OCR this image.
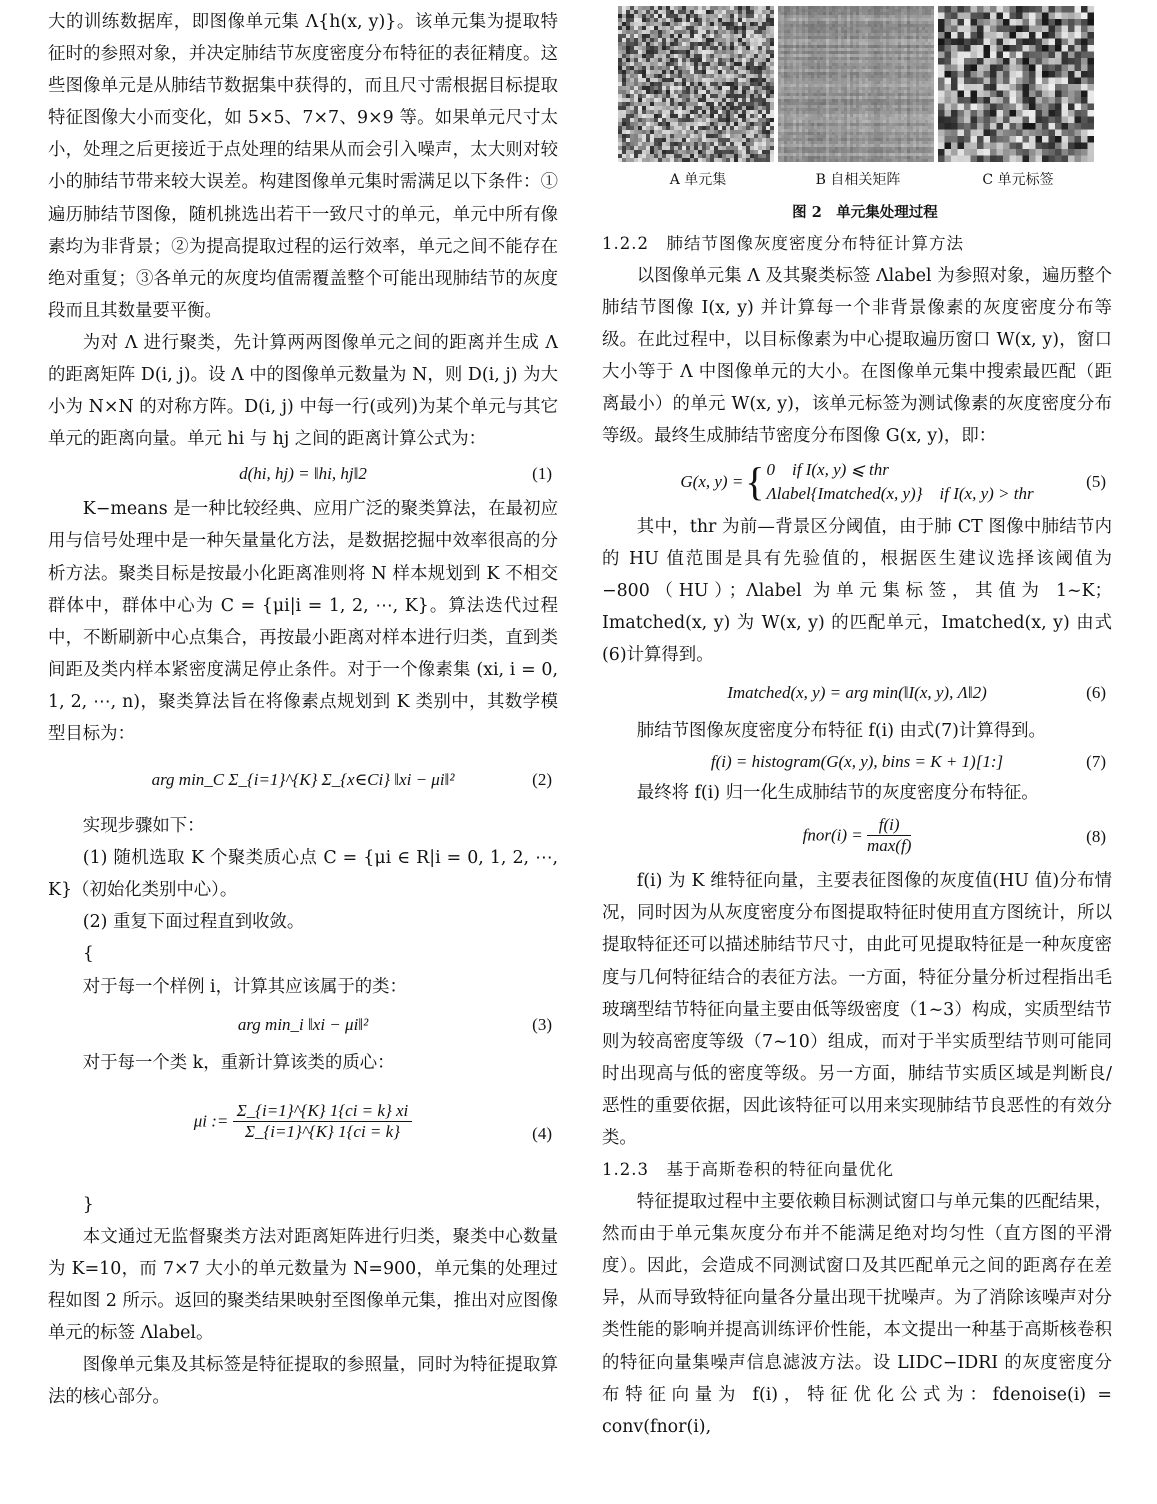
大的训练数据库，即图像单元集 Λ{h(x, y)}。该单元集为提取特征时的参照对象，并决定肺结节灰度密度分布特征的表征精度。这些图像单元是从肺结节数据集中获得的，而且尺寸需根据目标提取特征图像大小而变化，如 5×5、7×7、9×9 等。如果单元尺寸太小，处理之后更接近于点处理的结果从而会引入噪声，太大则对较小的肺结节带来较大误差。构建图像单元集时需满足以下条件：①遍历肺结节图像，随机挑选出若干一致尺寸的单元，单元中所有像素均为非背景；②为提高提取过程的运行效率，单元之间不能存在绝对重复；③各单元的灰度均值需覆盖整个可能出现肺结节的灰度段而且其数量要平衡。

为对 Λ 进行聚类，先计算两两图像单元之间的距离并生成 Λ 的距离矩阵 D(i, j)。设 Λ 中的图像单元数量为 N，则 D(i, j) 为大小为 N×N 的对称方阵。D(i, j) 中每一行(或列)为某个单元与其它单元的距离向量。单元 hi 与 hj 之间的距离计算公式为：

d(hi, hj) = ‖hi, hj‖2	(1)

K−means 是一种比较经典、应用广泛的聚类算法，在最初应用与信号处理中是一种矢量量化方法，是数据挖掘中效率很高的分析方法。聚类目标是按最小化距离准则将 N 样本规划到 K 不相交群体中，群体中心为 C = {μi|i = 1, 2, ⋯, K}。算法迭代过程中，不断刷新中心点集合，再按最小距离对样本进行归类，直到类间距及类内样本紧密度满足停止条件。对于一个像素集 (xi, i = 0, 1, 2, ⋯, n)，聚类算法旨在将像素点规划到 K 类别中，其数学模型目标为：

arg min_C Σ_{i=1}^{K} Σ_{x∈Ci} ‖xi − μi‖²	(2)

实现步骤如下：

(1) 随机选取 K 个聚类质心点 C = {μi ∈ R|i = 0, 1, 2, ⋯, K}（初始化类别中心）。

(2) 重复下面过程直到收敛。

{

对于每一个样例 i，计算其应该属于的类：

arg min_i ‖xi − μi‖²	(3)

对于每一个类 k，重新计算该类的质心：

μi := $\frac{\Sigma\_\{i=1\}\^{}\{K\} 1\{ci = k\} xi}{\Sigma\_\{i=1\}\^{}\{K\} 1\{ci = k\}}$	(4)

}

本文通过无监督聚类方法对距离矩阵进行归类，聚类中心数量为 K=10，而 7×7 大小的单元数量为 N=900，单元集的处理过程如图 2 所示。返回的聚类结果映射至图像单元集，推出对应图像单元的标签 Λlabel。

图像单元集及其标签是特征提取的参照量，同时为特征提取算法的核心部分。

A 单元集	B 自相关矩阵	C 单元标签
图 2　单元集处理过程
1.2.2　肺结节图像灰度密度分布特征计算方法

以图像单元集 Λ 及其聚类标签 Λlabel 为参照对象，遍历整个肺结节图像 I(x, y) 并计算每一个非背景像素的灰度密度分布等级。在此过程中，以目标像素为中心提取遍历窗口 W(x, y)，窗口大小等于 Λ 中图像单元的大小。在图像单元集中搜索最匹配（距离最小）的单元 W(x, y)，该单元标签为测试像素的灰度密度分布等级。最终生成肺结节密度分布图像 G(x, y)，即：

G(x, y) = { 0　if I(x, y) ⩽ thr
Λlabel{Imatched(x, y)}　if I(x, y) > thr
(5)

其中，thr 为前—背景区分阈值，由于肺 CT 图像中肺结节内的 HU 值范围是具有先验值的，根据医生建议选择该阈值为 −800（HU）；Λlabel 为单元集标签，其值为 1~K；Imatched(x, y) 为 W(x, y) 的匹配单元，Imatched(x, y) 由式(6)计算得到。

Imatched(x, y) = arg min(‖I(x, y), Λ‖2)	(6)

肺结节图像灰度密度分布特征 f(i) 由式(7)计算得到。

f(i) = histogram(G(x, y), bins = K + 1)[1:]	(7)

最终将 f(i) 归一化生成肺结节的灰度密度分布特征。

fnor(i) = $\frac{f(i)}{\max(f)}$	(8)

f(i) 为 K 维特征向量，主要表征图像的灰度值(HU 值)分布情况，同时因为从灰度密度分布图提取特征时使用直方图统计，所以提取特征还可以描述肺结节尺寸，由此可见提取特征是一种灰度密度与几何特征结合的表征方法。一方面，特征分量分析过程指出毛玻璃型结节特征向量主要由低等级密度（1~3）构成，实质型结节则为较高密度等级（7~10）组成，而对于半实质型结节则可能同时出现高与低的密度等级。另一方面，肺结节实质区域是判断良/恶性的重要依据，因此该特征可以用来实现肺结节良恶性的有效分类。

1.2.3　基于高斯卷积的特征向量优化

特征提取过程中主要依赖目标测试窗口与单元集的匹配结果，然而由于单元集灰度分布并不能满足绝对均匀性（直方图的平滑度）。因此，会造成不同测试窗口及其匹配单元之间的距离存在差异，从而导致特征向量各分量出现干扰噪声。为了消除该噪声对分类性能的影响并提高训练评价性能，本文提出一种基于高斯核卷积的特征向量集噪声信息滤波方法。设 LIDC−IDRI 的灰度密度分布特征向量为 f(i)，特征优化公式为：fdenoise(i) = conv(fnor(i),
